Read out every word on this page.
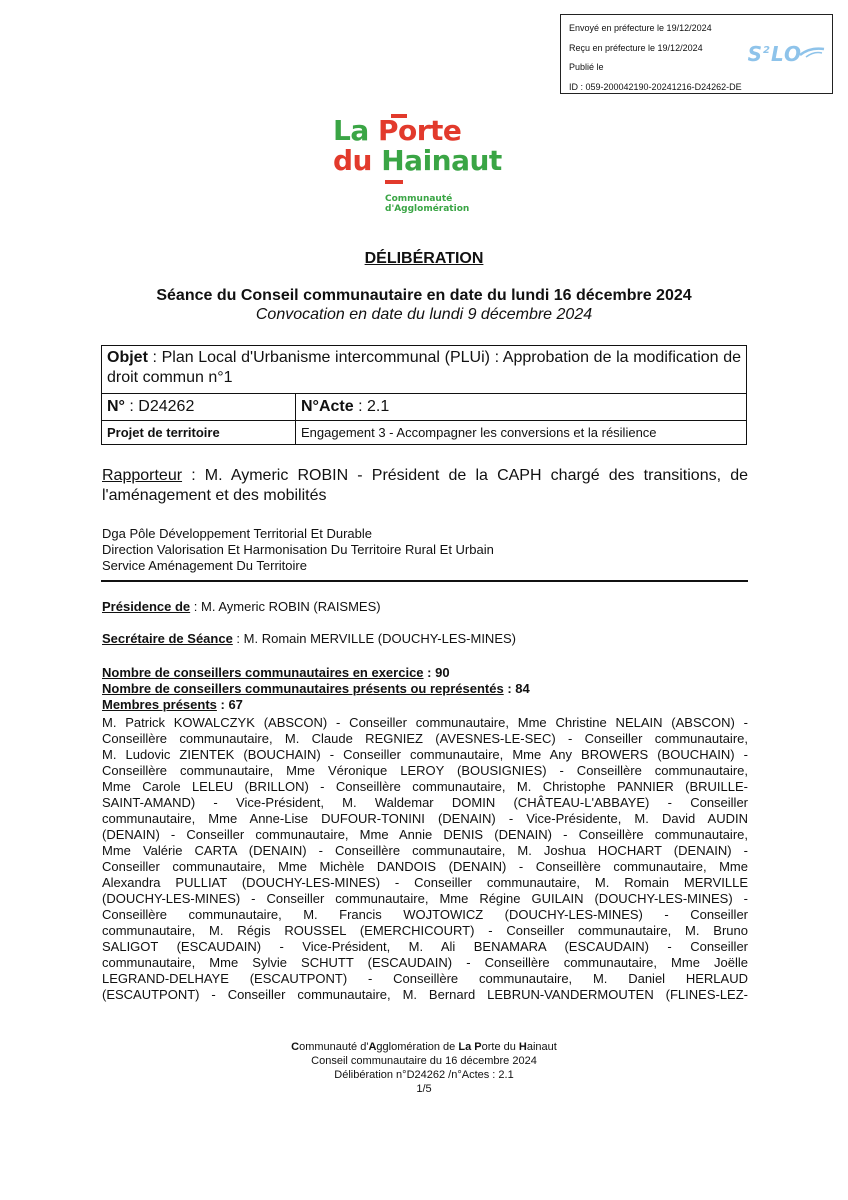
Envoyé en préfecture le 19/12/2024
Reçu en préfecture le 19/12/2024
Publié le
ID : 059-200042190-20241216-D24262-DE
$S^2LO$
La Porte
du Hainaut
Communauté
d'Agglomération
DÉLIBÉRATION
Séance du Conseil communautaire en date du lundi 16 décembre 2024
Convocation en date du lundi 9 décembre 2024
Objet : Plan Local d'Urbanisme intercommunal (PLUi) : Approbation de la modification de droit commun n°1	
N° : D24262	N°Acte : 2.1
Projet de territoire	Engagement 3 - Accompagner les conversions et la résilience
Rapporteur : M. Aymeric ROBIN - Président de la CAPH chargé des transitions, de l'aménagement et des mobilités
Dga Pôle Développement Territorial Et Durable
Direction Valorisation Et Harmonisation Du Territoire Rural Et Urbain
Service Aménagement Du Territoire
Présidence de : M. Aymeric ROBIN (RAISMES)
Secrétaire de Séance : M. Romain MERVILLE (DOUCHY-LES-MINES)
Nombre de conseillers communautaires en exercice : 90
Nombre de conseillers communautaires présents ou représentés : 84
Membres présents : 67
M. Patrick KOWALCZYK (ABSCON) - Conseiller communautaire, Mme Christine NELAIN (ABSCON) -
Conseillère communautaire, M. Claude REGNIEZ (AVESNES-LE-SEC) - Conseiller communautaire,
M. Ludovic ZIENTEK (BOUCHAIN) - Conseiller communautaire, Mme Any BROWERS (BOUCHAIN) -
Conseillère communautaire, Mme Véronique LEROY (BOUSIGNIES) - Conseillère communautaire,
Mme Carole LELEU (BRILLON) - Conseillère communautaire, M. Christophe PANNIER (BRUILLE-
SAINT-AMAND) - Vice-Président, M. Waldemar DOMIN (CHÂTEAU-L'ABBAYE) - Conseiller
communautaire, Mme Anne-Lise DUFOUR-TONINI (DENAIN) - Vice-Présidente, M. David AUDIN
(DENAIN) - Conseiller communautaire, Mme Annie DENIS (DENAIN) - Conseillère communautaire,
Mme Valérie CARTA (DENAIN) - Conseillère communautaire, M. Joshua HOCHART (DENAIN) -
Conseiller communautaire, Mme Michèle DANDOIS (DENAIN) - Conseillère communautaire, Mme
Alexandra PULLIAT (DOUCHY-LES-MINES) - Conseiller communautaire, M. Romain MERVILLE
(DOUCHY-LES-MINES) - Conseiller communautaire, Mme Régine GUILAIN (DOUCHY-LES-MINES) -
Conseillère communautaire, M. Francis WOJTOWICZ (DOUCHY-LES-MINES) - Conseiller
communautaire, M. Régis ROUSSEL (EMERCHICOURT) - Conseiller communautaire, M. Bruno
SALIGOT (ESCAUDAIN) - Vice-Président, M. Ali BENAMARA (ESCAUDAIN) - Conseiller
communautaire, Mme Sylvie SCHUTT (ESCAUDAIN) - Conseillère communautaire, Mme Joëlle
LEGRAND-DELHAYE (ESCAUTPONT) - Conseillère communautaire, M. Daniel HERLAUD
(ESCAUTPONT) - Conseiller communautaire, M. Bernard LEBRUN-VANDERMOUTEN (FLINES-LEZ-
Communauté d'Agglomération de La Porte du Hainaut
Conseil communautaire du 16 décembre 2024
Délibération n°D24262 /n°Actes : 2.1
1/5
